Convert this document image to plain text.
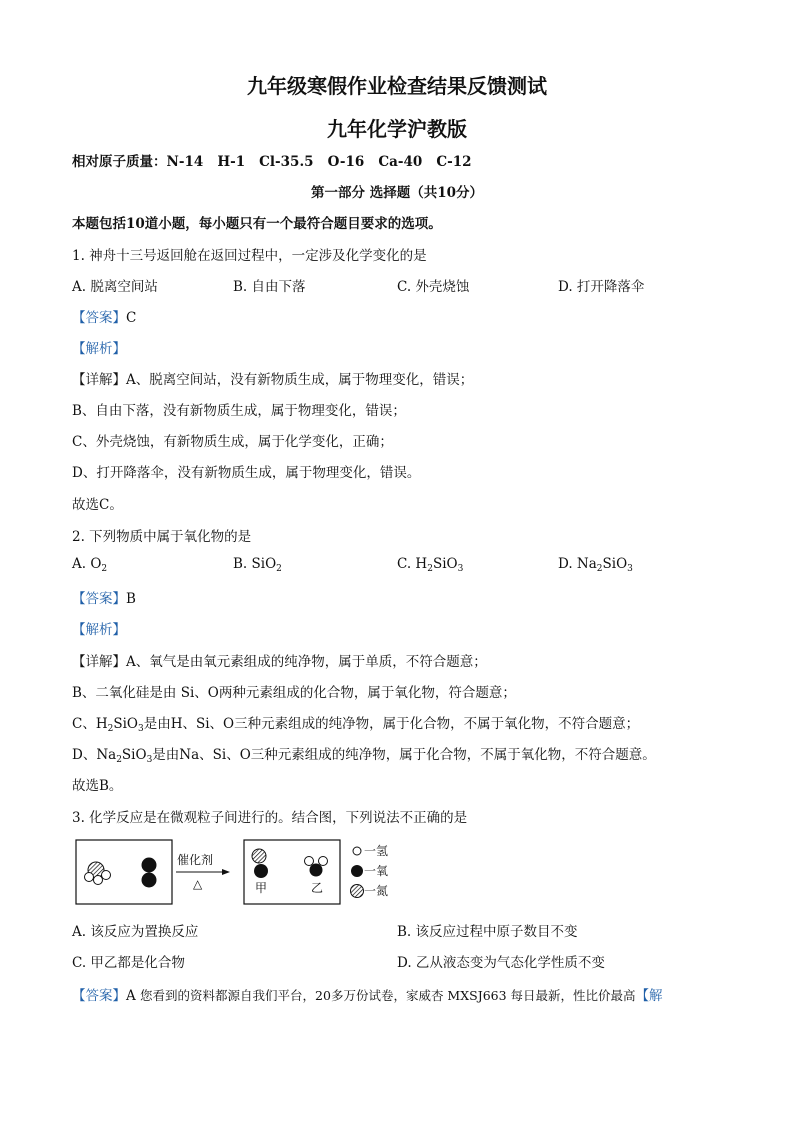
九年级寒假作业检查结果反馈测试
九年化学沪教版
相对原子质量：N-14   H-1   Cl-35.5   O-16   Ca-40   C-12
第一部分 选择题（共10分）
本题包括10道小题，每小题只有一个最符合题目要求的选项。
1. 神舟十三号返回舱在返回过程中，一定涉及化学变化的是
A. 脱离空间站	B. 自由下落	C. 外壳烧蚀	D. 打开降落伞
【答案】C
【解析】
【详解】A、脱离空间站，没有新物质生成，属于物理变化，错误；
B、自由下落，没有新物质生成，属于物理变化，错误；
C、外壳烧蚀，有新物质生成，属于化学变化，正确；
D、打开降落伞，没有新物质生成，属于物理变化，错误。
故选C。
2. 下列物质中属于氧化物的是
A. $O_2$	B. SiO$_2$	C. $H_2SiO_3$	D. $Na_2SiO_3$
【答案】B
【解析】
【详解】A、氧气是由氧元素组成的纯净物，属于单质，不符合题意；
B、二氧化硅是由 Si、O两种元素组成的化合物，属于氧化物，符合题意；
C、$H_2SiO_3$是由H、Si、O三种元素组成的纯净物，属于化合物，不属于氧化物，不符合题意；
D、$Na_2SiO_3$是由Na、Si、O三种元素组成的纯净物，属于化合物，不属于氧化物，不符合题意。
故选B。
3. 化学反应是在微观粒子间进行的。结合图，下列说法不正确的是
催化剂
△	甲	乙
一氢
一氧
一氮
A. 该反应为置换反应	B. 该反应过程中原子数目不变
C. 甲乙都是化合物	D. 乙从液态变为气态化学性质不变
【答案】A 您看到的资料都源自我们平台，20多万份试卷，家威杏 MXSJ663 每日最新，性比价最高【解
